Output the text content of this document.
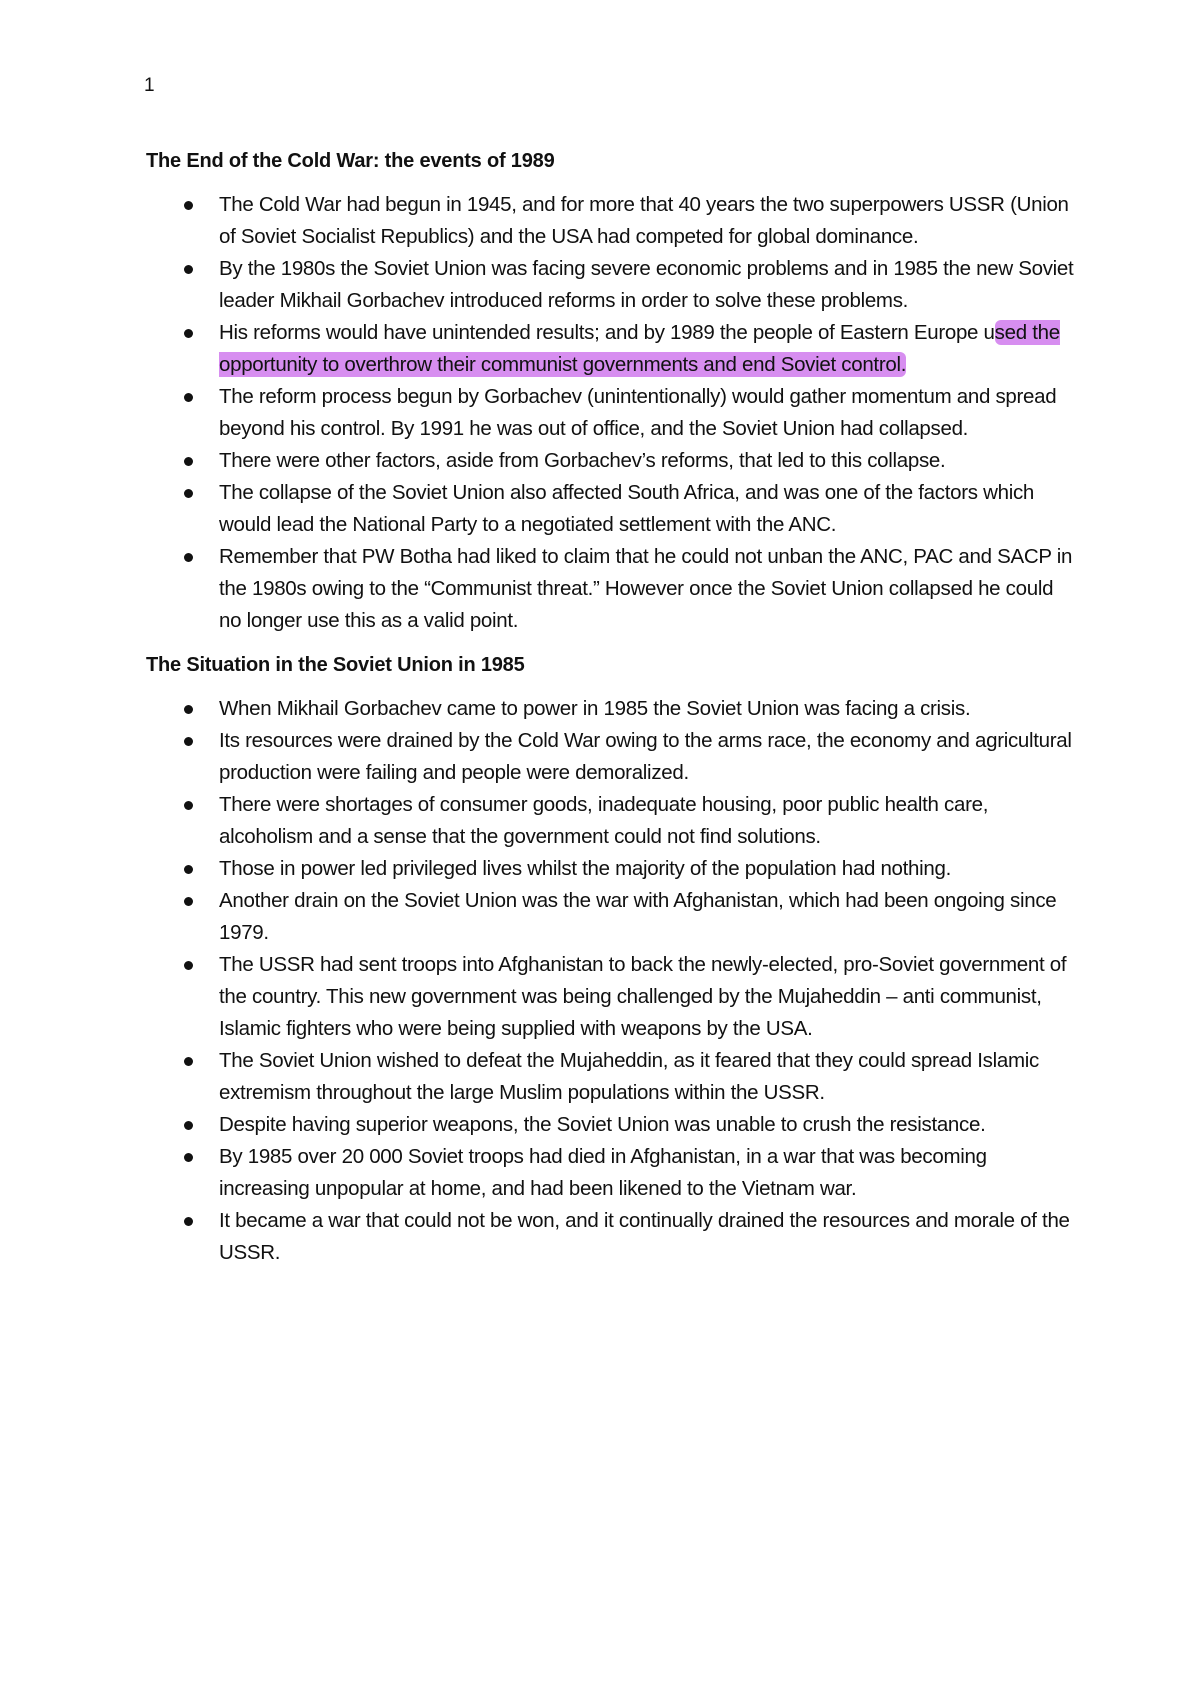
1
The End of the Cold War: the events of 1989
The Cold War had begun in 1945, and for more that 40 years the two superpowers USSR (Union of Soviet Socialist Republics) and the USA had competed for global dominance.
By the 1980s the Soviet Union was facing severe economic problems and in 1985 the new Soviet leader Mikhail Gorbachev introduced reforms in order to solve these problems.
His reforms would have unintended results; and by 1989 the people of Eastern Europe used the opportunity to overthrow their communist governments and end Soviet control.
The reform process begun by Gorbachev (unintentionally) would gather momentum and spread beyond his control. By 1991 he was out of office, and the Soviet Union had collapsed.
There were other factors, aside from Gorbachev’s reforms, that led to this collapse.
The collapse of the Soviet Union also affected South Africa, and was one of the factors which would lead the National Party to a negotiated settlement with the ANC.
Remember that PW Botha had liked to claim that he could not unban the ANC, PAC and SACP in the 1980s owing to the “Communist threat.” However once the Soviet Union collapsed he could no longer use this as a valid point.
The Situation in the Soviet Union in 1985
When Mikhail Gorbachev came to power in 1985 the Soviet Union was facing a crisis.
Its resources were drained by the Cold War owing to the arms race, the economy and agricultural production were failing and people were demoralized.
There were shortages of consumer goods, inadequate housing, poor public health care, alcoholism and a sense that the government could not find solutions.
Those in power led privileged lives whilst the majority of the population had nothing.
Another drain on the Soviet Union was the war with Afghanistan, which had been ongoing since 1979.
The USSR had sent troops into Afghanistan to back the newly-elected, pro-Soviet government of the country. This new government was being challenged by the Mujaheddin – anti communist, Islamic fighters who were being supplied with weapons by the USA.
The Soviet Union wished to defeat the Mujaheddin, as it feared that they could spread Islamic extremism throughout the large Muslim populations within the USSR.
Despite having superior weapons, the Soviet Union was unable to crush the resistance.
By 1985 over 20 000 Soviet troops had died in Afghanistan, in a war that was becoming increasing unpopular at home, and had been likened to the Vietnam war.
It became a war that could not be won, and it continually drained the resources and morale of the USSR.
